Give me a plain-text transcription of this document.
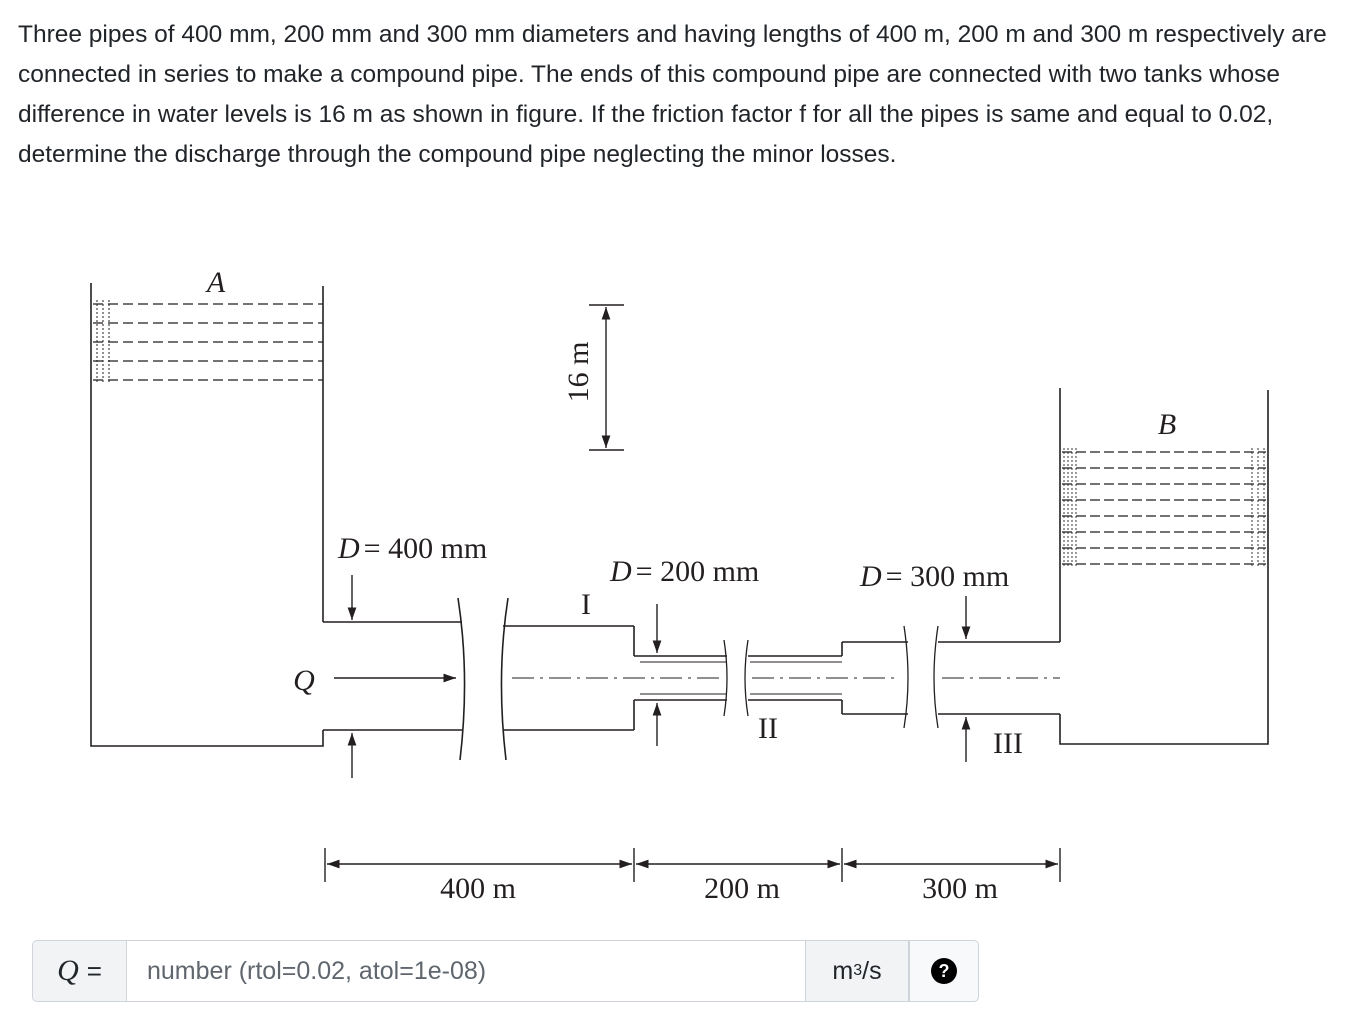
Three pipes of 400 mm, 200 mm and 300 mm diameters and having lengths of 400 m, 200 m and 300 m respectively are connected in series to make a compound pipe. The ends of this compound pipe are connected with two tanks whose difference in water levels is 16 m as shown in figure. If the friction factor f for all the pipes is same and equal to 0.02, determine the discharge through the compound pipe neglecting the minor losses.

A
16 m
B
Q
D = 400 mm
I
D = 200 mm
II
D = 300 mm
III
400 m	200 m	300 m
Q =
number (rtol=0.02, atol=1e-08)	m 3 /s	?
